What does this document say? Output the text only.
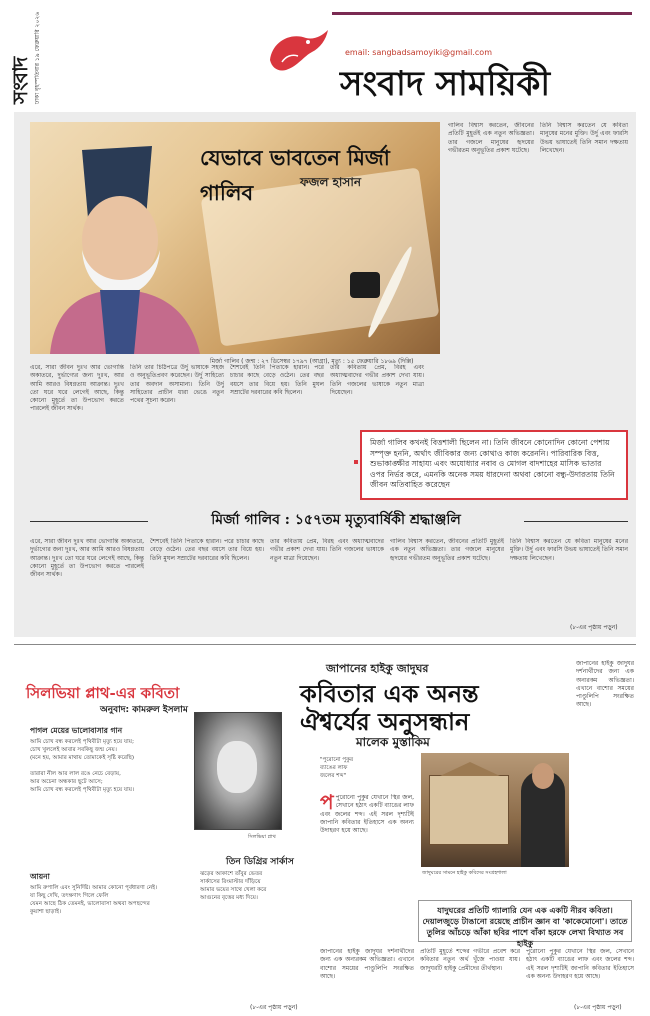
সংবাদ ঢাকা বৃহস্পতিবার ১৯ ফেব্রুয়ারি ২০২৬	email: sangbadsamoyiki@gmail.com
সংবাদ সাময়িকী
যেভাবে ভাবতেন মির্জা গালিব	ফজল হাসান
মির্জা গালিব ( জন্ম : ২৭ ডিসেম্বর ১৭৯৭ (আগ্রা), মৃত্যু : ১৫ ফেব্রুয়ারি ১৮৬৯ (দিল্লি)
এরে, সারা জীবন দুঃখ আর ভোগান্তি অকাতরে, দুর্ভাগ্যের জন্য দুঃখ, আর আমি আরও বিষণ্ণতায় আক্রান্ত। দুঃখ তো ঘরে ঘরে লেগেই আছে, কিন্তু কোনো মুহূর্তে তা উপভোগ করতে পারলেই জীবন সার্থক।
তিনি তার চিঠিপত্রে উর্দু ভাষাকে সহজ ও অনুভূতিপ্রবণ করেছেন। উর্দু সাহিত্যে তার অবদান অসামান্য। তিনি উর্দু সাহিত্যের প্রাচীন ধারা ভেঙে নতুন পথের সূচনা করেন।
শৈশবেই তিনি পিতাকে হারান। পরে চাচার কাছে বেড়ে ওঠেন। তের বছর বয়সে তার বিয়ে হয়। তিনি মুঘল সম্রাটের দরবারের কবি ছিলেন।
তার কবিতায় প্রেম, বিরহ এবং অধ্যাত্মবাদের গভীর প্রকাশ দেখা যায়। তিনি গজলের ভাষাকে নতুন মাত্রা দিয়েছেন।
গালিব বিশ্বাস করতেন, জীবনের প্রতিটি মুহূর্তই এক নতুন অভিজ্ঞতা। তার গজলে মানুষের হৃদয়ের গভীরতম অনুভূতির প্রকাশ ঘটেছে।
তিনি বিশ্বাস করতেন যে কবিতা মানুষের মনের মুক্তি। উর্দু এবং ফারসি উভয় ভাষাতেই তিনি সমান দক্ষতায় লিখেছেন।
মির্জা গালিব কখনই বিত্তশালী ছিলেন না। তিনি জীবনে কোনোদিন কোনো পেশায় সম্পৃক্ত হননি, অর্থাৎ জীবিকার জন্য কোথাও কাজ করেননি। পারিবারিক বিত্ত, শুভাকাঙ্ক্ষীর সাহায্য এবং অযোধ্যার নবাব ও মোগল বাদশাহের মাসিক ভাতার ওপর নির্ভর করে, এমনকি অনেক সময় ধারদেনা অথবা কোনো বন্ধু-উদারতায় তিনি জীবন অতিবাহিত করেছেন
মির্জা গালিব : ১৫৭তম মৃত্যুবার্ষিকী শ্রদ্ধাঞ্জলি
এরে, সারা জীবন দুঃখ আর ভোগান্তি অকাতরে, দুর্ভাগ্যের জন্য দুঃখ, আর আমি আরও বিষণ্ণতায় আক্রান্ত। দুঃখ তো ঘরে ঘরে লেগেই আছে, কিন্তু কোনো মুহূর্তে তা উপভোগ করতে পারলেই জীবন সার্থক।
শৈশবেই তিনি পিতাকে হারান। পরে চাচার কাছে বেড়ে ওঠেন। তের বছর বয়সে তার বিয়ে হয়। তিনি মুঘল সম্রাটের দরবারের কবি ছিলেন।
তার কবিতায় প্রেম, বিরহ এবং অধ্যাত্মবাদের গভীর প্রকাশ দেখা যায়। তিনি গজলের ভাষাকে নতুন মাত্রা দিয়েছেন।
গালিব বিশ্বাস করতেন, জীবনের প্রতিটি মুহূর্তই এক নতুন অভিজ্ঞতা। তার গজলে মানুষের হৃদয়ের গভীরতম অনুভূতির প্রকাশ ঘটেছে।
তিনি বিশ্বাস করতেন যে কবিতা মানুষের মনের মুক্তি। উর্দু এবং ফারসি উভয় ভাষাতেই তিনি সমান দক্ষতায় লিখেছেন।
(৮-এর পৃষ্ঠায় পড়ুন)
সিলভিয়া প্লাথ-এর কবিতা
অনুবাদ: কামরুল ইসলাম
পাগল মেয়ের ভালোবাসার গান
আমি চোখ বন্ধ করলেই পৃথিবীটা মৃত্যু হয়ে যায়;
চোখ খুললেই আবার সবকিছু জন্ম নেয়।
(মনে হয়, আমার মাথায় তোমাকেই সৃষ্টি করেছি)

তারারা নীল আর লাল রঙে নেচে বেড়ায়,
আর অচেনা অন্ধকার ছুটে আসে;
আমি চোখ বন্ধ করলেই পৃথিবীটা মৃত্যু হয়ে যায়।
সিলভিয়া প্লাথ
তিন ডিগ্রির সার্কাস
ঝড়ের আকাশে তাঁবুর ভেতর
সার্কাসের রিংমাস্টার দাঁড়িয়ে
আমার ভয়ের সাথে খেলা করে
আগুনের বৃত্তের মধ্য দিয়ে।
আয়না
আমি রুপালি এবং সুনির্দিষ্ট। আমার কোনো পূর্বধারণা নেই।
যা কিছু দেখি, তৎক্ষণাৎ গিলে ফেলি
যেমন আছে ঠিক তেমনই, ভালোবাসা অথবা অপছন্দের
কুয়াশা ছাড়াই।
(৮-এর পৃষ্ঠায় পড়ুন)
জাপানের হাইকু জাদুঘর
কবিতার এক অনন্ত
ঐশ্বর্যের অনুসন্ধান
মালেক মুস্তাকিম
"পুরোনো পুকুর
ব্যাঙের লাফ
জলের শব্দ"
পপুরোনো পুকুর যেখানে স্থির জল, সেখানে হঠাৎ একটি ব্যাঙের লাফ এবং জলের শব্দ। এই সরল দৃশ্যটিই জাপানি কবিতার ইতিহাসে এক অনন্য উদাহরণ হয়ে আছে।
জাদুঘরের সামনে হাইকু কবিদের সংগ্রহশালা
জাপানের হাইকু জাদুঘর দর্শনার্থীদের জন্য এক অন্যরকম অভিজ্ঞতা। এখানে বাশোর সময়ের পাণ্ডুলিপি সংরক্ষিত আছে।
যাদুঘরের প্রতিটি গ্যালারি যেন এক একটি নীরব কবিতা। দেয়ালজুড়ে টাঙানো রয়েছে প্রাচীন জ্ঞান বা 'কাকেমোনো'। তাতে তুলির আঁচড়ে আঁকা ছবির পাশে বাঁকা হরফে লেখা বিখ্যাত সব হাইকু
জাপানের হাইকু জাদুঘর দর্শনার্থীদের জন্য এক অন্যরকম অভিজ্ঞতা। এখানে বাশোর সময়ের পাণ্ডুলিপি সংরক্ষিত আছে।
প্রতিটি মুহূর্তে শব্দের গভীরে প্রবেশ করে কবিতার নতুন অর্থ খুঁজে পাওয়া যায়। জাদুঘরটি হাইকু প্রেমীদের তীর্থস্থান।
পুরোনো পুকুর যেখানে স্থির জল, সেখানে হঠাৎ একটি ব্যাঙের লাফ এবং জলের শব্দ। এই সরল দৃশ্যটিই জাপানি কবিতার ইতিহাসে এক অনন্য উদাহরণ হয়ে আছে।
(৮-এর পৃষ্ঠায় পড়ুন)
